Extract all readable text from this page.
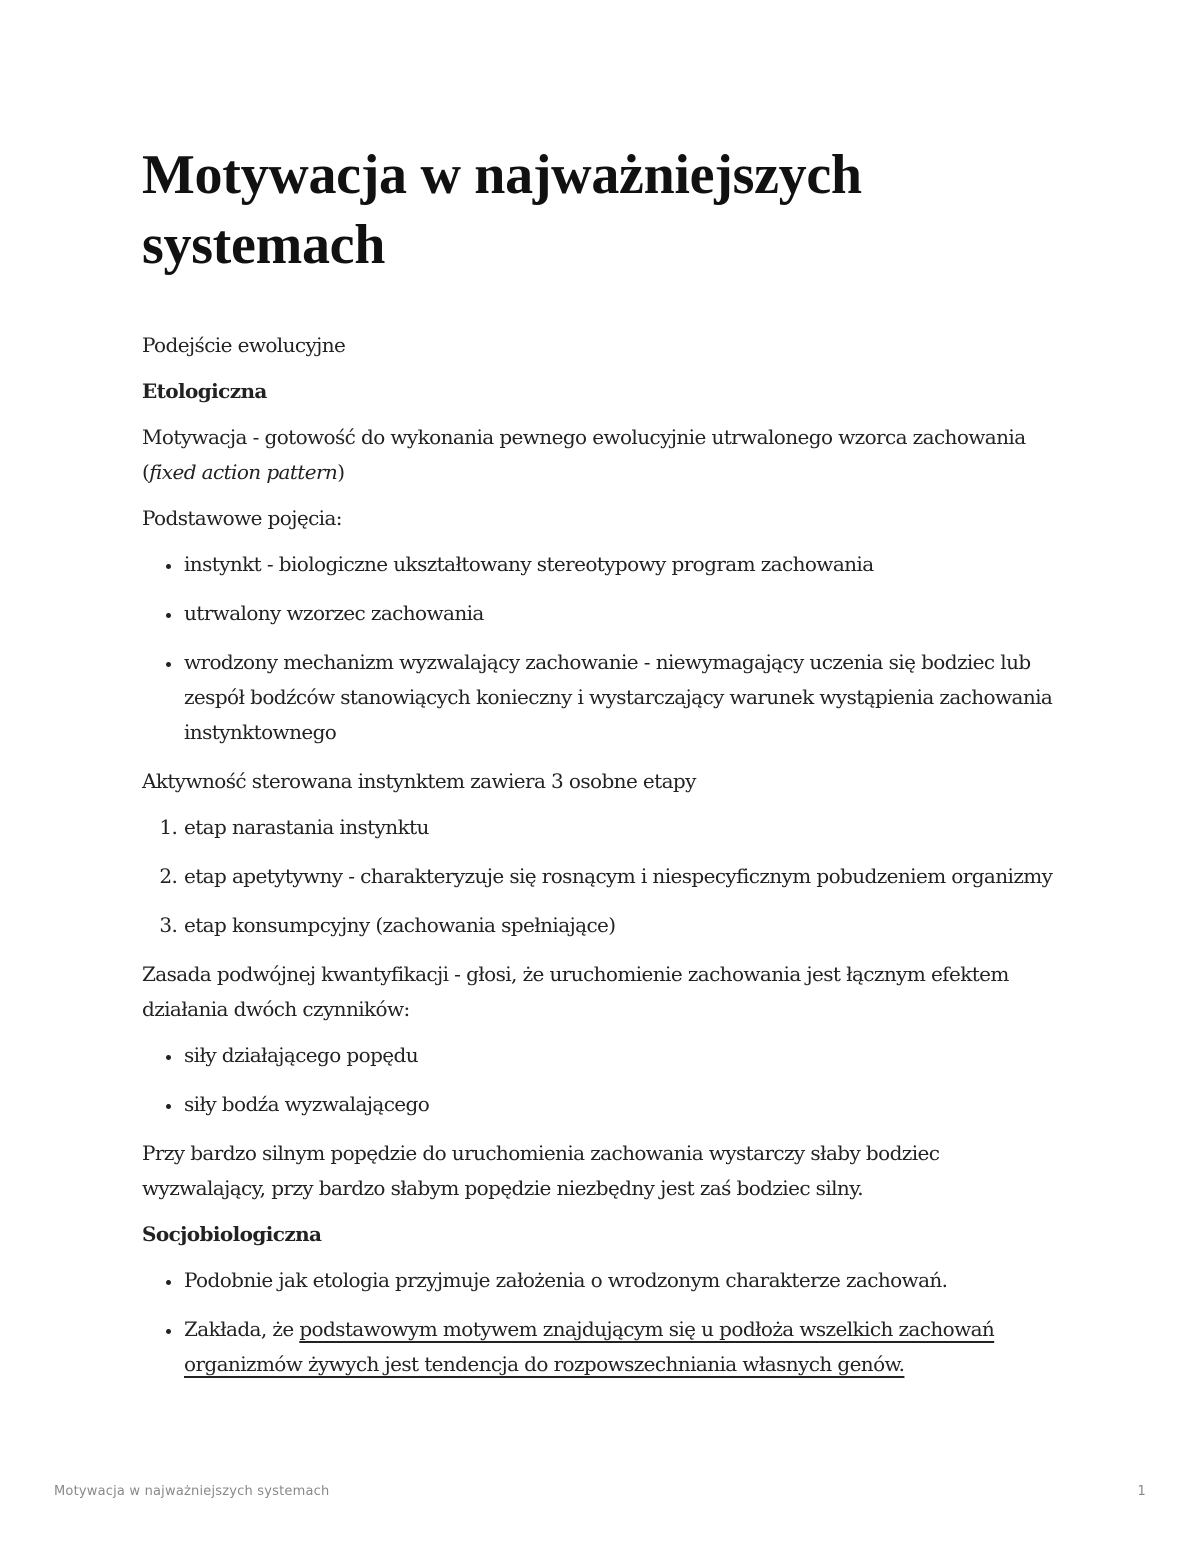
Motywacja w najważniejszych systemach

Podejście ewolucyjne

Etologiczna

Motywacja - gotowość do wykonania pewnego ewolucyjnie utrwalonego wzorca zachowania (fixed action pattern)

Podstawowe pojęcia:

• instynkt - biologiczne ukształtowany stereotypowy program zachowania
• utrwalony wzorzec zachowania
• wrodzony mechanizm wyzwalający zachowanie - niewymagający uczenia się bodziec lub zespół bodźców stanowiących konieczny i wystarczający warunek wystąpienia zachowania instynktownego

Aktywność sterowana instynktem zawiera 3 osobne etapy

1. etap narastania instynktu
2. etap apetytywny - charakteryzuje się rosnącym i niespecyficznym pobudzeniem organizmy
3. etap konsumpcyjny (zachowania spełniające)

Zasada podwójnej kwantyfikacji - głosi, że uruchomienie zachowania jest łącznym efektem działania dwóch czynników:

• siły działającego popędu
• siły bodźa wyzwalającego

Przy bardzo silnym popędzie do uruchomienia zachowania wystarczy słaby bodziec wyzwalający, przy bardzo słabym popędzie niezbędny jest zaś bodziec silny.

Socjobiologiczna

• Podobnie jak etologia przyjmuje założenia o wrodzonym charakterze zachowań.
• Zakłada, że podstawowym motywem znajdującym się u podłoża wszelkich zachowań organizmów żywych jest tendencja do rozpowszechniania własnych genów.
Motywacja w najważniejszych systemach	1
